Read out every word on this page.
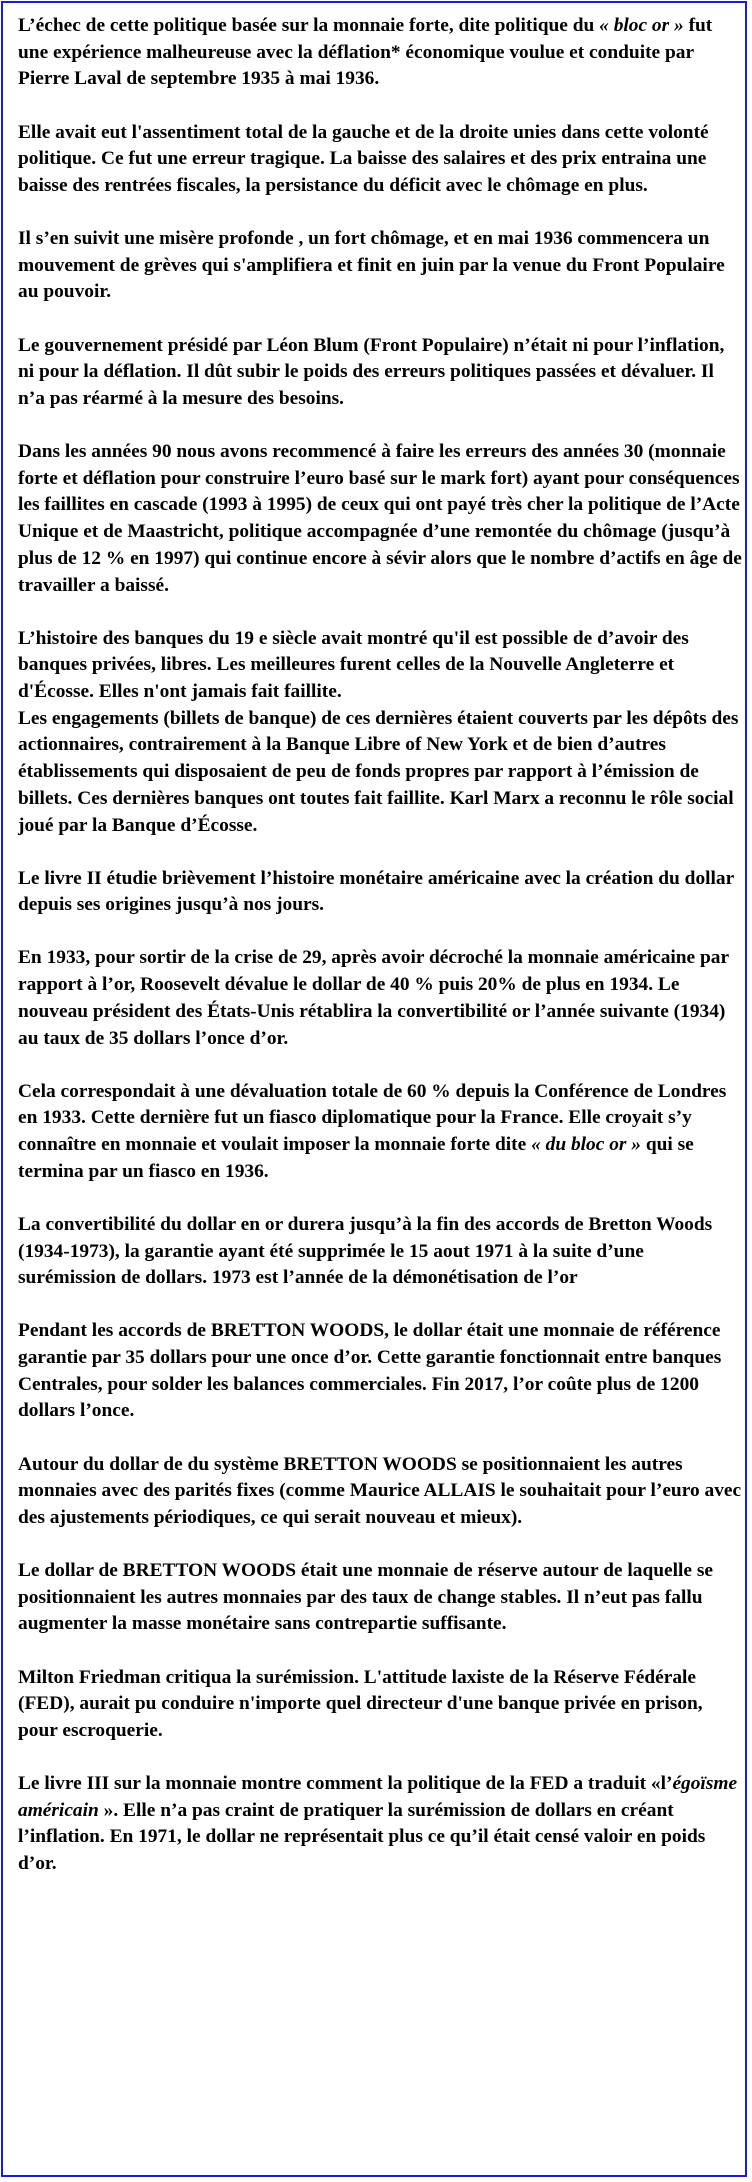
L’échec de cette politique basée sur la monnaie forte, dite politique du « bloc or » fut une expérience malheureuse avec la déflation* économique voulue et conduite par Pierre Laval de septembre 1935 à mai 1936.

Elle avait eut l'assentiment total de la gauche et de la droite unies dans cette volonté politique. Ce fut une erreur tragique. La baisse des salaires et des prix entraina une baisse des rentrées fiscales, la persistance du déficit avec le chômage en plus.

Il s’en suivit une misère profonde , un fort chômage, et en mai 1936 commencera un mouvement de grèves qui s'amplifiera et finit en juin par la venue du Front Populaire au pouvoir.

Le gouvernement présidé par Léon Blum (Front Populaire) n’était ni pour l’inflation, ni pour la déflation. Il dût subir le poids des erreurs politiques passées et dévaluer. Il n’a pas réarmé à la mesure des besoins.

Dans les années 90 nous avons recommencé à faire les erreurs des années 30 (monnaie forte et déflation pour construire l’euro basé sur le mark fort) ayant pour conséquences les faillites en cascade (1993 à 1995) de ceux qui ont payé très cher la politique de l’Acte Unique et de Maastricht, politique accompagnée d’une remontée du chômage (jusqu’à plus de 12 % en 1997) qui continue encore à sévir alors que le nombre d’actifs en âge de travailler a baissé.

L’histoire des banques du 19 e siècle avait montré qu'il est possible de d’avoir des banques privées, libres. Les meilleures furent celles de la Nouvelle Angleterre et d'Écosse. Elles n'ont jamais fait faillite.

Les engagements (billets de banque) de ces dernières étaient couverts par les dépôts des actionnaires, contrairement à la Banque Libre of New York et de bien d’autres établissements qui disposaient de peu de fonds propres par rapport à l’émission de billets. Ces dernières banques ont toutes fait faillite. Karl Marx a reconnu le rôle social joué par la Banque d’Écosse.

Le livre II étudie brièvement l’histoire monétaire américaine avec la création du dollar depuis ses origines jusqu’à nos jours.

En 1933, pour sortir de la crise de 29, après avoir décroché la monnaie américaine par rapport à l’or, Roosevelt dévalue le dollar de 40 % puis 20% de plus en 1934. Le nouveau président des États-Unis rétablira la convertibilité or l’année suivante (1934) au taux de 35 dollars l’once d’or.

Cela correspondait à une dévaluation totale de 60 % depuis la Conférence de Londres en 1933. Cette dernière fut un fiasco diplomatique pour la France. Elle croyait s’y connaître en monnaie et voulait imposer la monnaie forte dite « du bloc or » qui se termina par un fiasco en 1936.

La convertibilité du dollar en or durera jusqu’à la fin des accords de Bretton Woods (1934-1973), la garantie ayant été supprimée le 15 aout 1971 à la suite d’une surémission de dollars. 1973 est l’année de la démonétisation de l’or

Pendant les accords de BRETTON WOODS, le dollar était une monnaie de référence garantie par 35 dollars pour une once d’or. Cette garantie fonctionnait entre banques Centrales, pour solder les balances commerciales. Fin 2017, l’or coûte plus de 1200 dollars l’once.

Autour du dollar de du système BRETTON WOODS se positionnaient les autres monnaies avec des parités fixes (comme Maurice ALLAIS le souhaitait pour l’euro avec des ajustements périodiques, ce qui serait nouveau et mieux).

Le dollar de BRETTON WOODS était une monnaie de réserve autour de laquelle se positionnaient les autres monnaies par des taux de change stables. Il n’eut pas fallu augmenter la masse monétaire sans contrepartie suffisante.

Milton Friedman critiqua la surémission. L'attitude laxiste de la Réserve Fédérale (FED), aurait pu conduire n'importe quel directeur d'une banque privée en prison, pour escroquerie.

Le livre III sur la monnaie montre comment la politique de la FED a traduit «l’égoïsme américain ». Elle n’a pas craint de pratiquer la surémission de dollars en créant l’inflation. En 1971, le dollar ne représentait plus ce qu’il était censé valoir en poids d’or.
